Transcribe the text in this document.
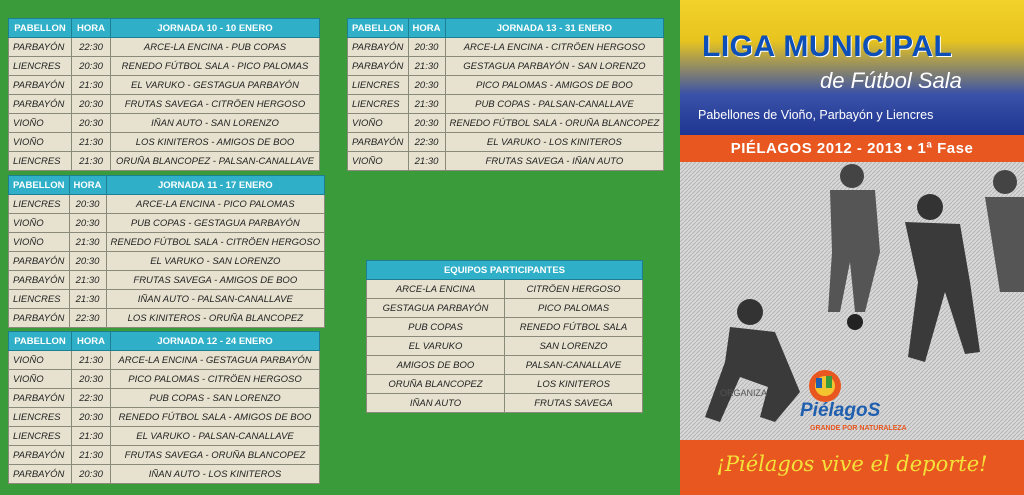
PABELLON	HORA	JORNADA 10 - 10 ENERO
PARBAYÓN	22:30	ARCE-LA ENCINA - PUB COPAS
LIENCRES	20:30	RENEDO FÚTBOL SALA - PICO PALOMAS
PARBAYÓN	21:30	EL VARUKO - GESTAGUA PARBAYÓN
PARBAYÓN	20:30	FRUTAS SAVEGA - CITRÖEN HERGOSO
VIOÑO	20:30	IÑAN AUTO - SAN LORENZO
VIOÑO	21:30	LOS KINITEROS - AMIGOS DE BOO
LIENCRES	21:30	ORUÑA BLANCOPEZ - PALSAN-CANALLAVE
PABELLON	HORA	JORNADA 11 - 17 ENERO
LIENCRES	20:30	ARCE-LA ENCINA - PICO PALOMAS
VIOÑO	20:30	PUB COPAS - GESTAGUA PARBAYÓN
VIOÑO	21:30	RENEDO FÚTBOL SALA - CITRÖEN HERGOSO
PARBAYÓN	20:30	EL VARUKO - SAN LORENZO
PARBAYÓN	21:30	FRUTAS SAVEGA - AMIGOS DE BOO
LIENCRES	21:30	IÑAN AUTO - PALSAN-CANALLAVE
PARBAYÓN	22:30	LOS KINITEROS - ORUÑA BLANCOPEZ
PABELLON	HORA	JORNADA 12 - 24 ENERO
VIOÑO	21:30	ARCE-LA ENCINA - GESTAGUA PARBAYÓN
VIOÑO	20:30	PICO PALOMAS - CITRÖEN HERGOSO
PARBAYÓN	22:30	PUB COPAS - SAN LORENZO
LIENCRES	20:30	RENEDO FÚTBOL SALA - AMIGOS DE BOO
LIENCRES	21:30	EL VARUKO - PALSAN-CANALLAVE
PARBAYÓN	21:30	FRUTAS SAVEGA - ORUÑA BLANCOPEZ
PARBAYÓN	20:30	IÑAN AUTO - LOS KINITEROS
PABELLON	HORA	JORNADA 13 - 31 ENERO
PARBAYÓN	20:30	ARCE-LA ENCINA - CITRÖEN HERGOSO
PARBAYÓN	21:30	GESTAGUA PARBAYÓN - SAN LORENZO
LIENCRES	20:30	PICO PALOMAS - AMIGOS DE BOO
LIENCRES	21:30	PUB COPAS - PALSAN-CANALLAVE
VIOÑO	20:30	RENEDO FÚTBOL SALA - ORUÑA BLANCOPEZ
PARBAYÓN	22:30	EL VARUKO - LOS KINITEROS
VIOÑO	21:30	FRUTAS SAVEGA - IÑAN AUTO
EQUIPOS PARTICIPANTES	
ARCE-LA ENCINA	CITRÖEN HERGOSO
GESTAGUA PARBAYÓN	PICO PALOMAS
PUB COPAS	RENEDO FÚTBOL SALA
EL VARUKO	SAN LORENZO
AMIGOS DE BOO	PALSAN-CANALLAVE
ORUÑA BLANCOPEZ	LOS KINITEROS
IÑAN AUTO	FRUTAS SAVEGA
LIGA MUNICIPAL
de Fútbol Sala
Pabellones de Vioño, Parbayón y Liencres
PIÉLAGOS 2012 - 2013 • 1ª Fase
ORGANIZA
PiélagoS
GRANDE POR NATURALEZA
¡Piélagos vive el deporte!
